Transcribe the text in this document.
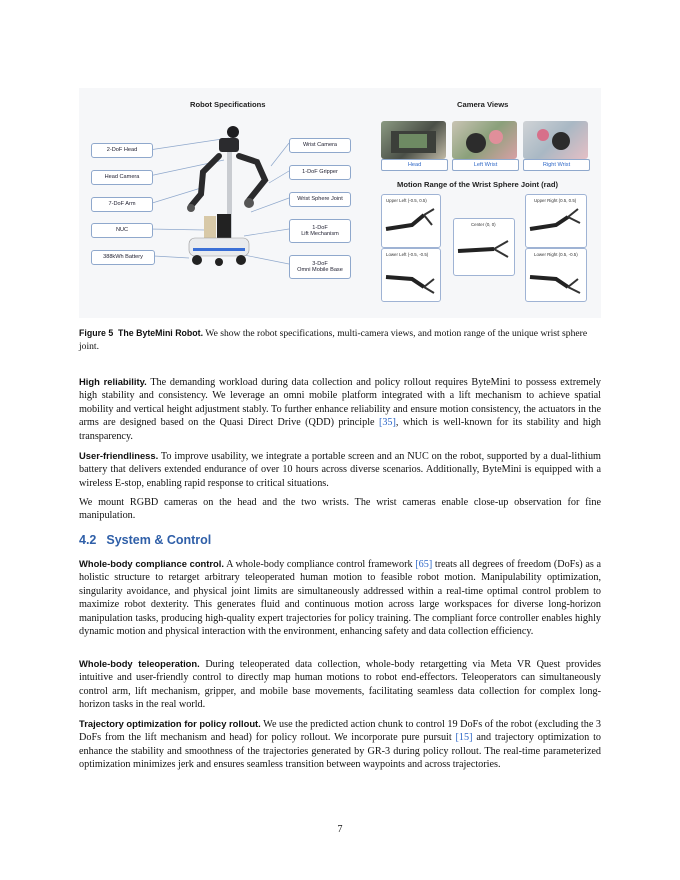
Robot Specifications	Camera Views
Motion Range of the Wrist Sphere Joint (rad)
2-DoF Head
Head Camera
7-DoF Arm
NUC
388kWh Battery
Wrist Camera
1-DoF Gripper
Wrist Sphere Joint
1-DoF
Lift Mechanism
3-DoF
Omni Mobile Base
Head	Left Wrist	Right Wrist
Upper Left (-0.5, 0.5)
Center (0, 0)
Upper Right (0.5, 0.5)
Lower Left (-0.5, -0.5)	Lower Right (0.5, -0.5)
Figure 5 The ByteMini Robot. We show the robot specifications, multi-camera views, and motion range of the unique wrist sphere joint.
High reliability. The demanding workload during data collection and policy rollout requires ByteMini to possess extremely high stability and consistency. We leverage an omni mobile platform integrated with a lift mechanism to achieve spatial mobility and vertical height adjustment stably. To further enhance reliability and ensure motion consistency, the actuators in the arms are designed based on the Quasi Direct Drive (QDD) principle [35], which is well-known for its stability and high transparency.
User-friendliness. To improve usability, we integrate a portable screen and an NUC on the robot, supported by a dual-lithium battery that delivers extended endurance of over 10 hours across diverse scenarios. Additionally, ByteMini is equipped with a wireless E-stop, enabling rapid response to critical situations.
We mount RGBD cameras on the head and the two wrists. The wrist cameras enable close-up observation for fine manipulation.
4.2 System & Control
Whole-body compliance control. A whole-body compliance control framework [65] treats all degrees of freedom (DoFs) as a holistic structure to retarget arbitrary teleoperated human motion to feasible robot motion. Manipulability optimization, singularity avoidance, and physical joint limits are simultaneously addressed within a real-time optimal control problem to maximize robot dexterity. This generates fluid and continuous motion across large workspaces for diverse long-horizon manipulation tasks, producing high-quality expert trajectories for policy training. The compliant force controller enables highly dynamic motion and physical interaction with the environment, enhancing safety and data collection efficiency.
Whole-body teleoperation. During teleoperated data collection, whole-body retargetting via Meta VR Quest provides intuitive and user-friendly control to directly map human motions to robot end-effectors. Teleoperators can simultaneously control arm, lift mechanism, gripper, and mobile base movements, facilitating seamless data collection for complex long-horizon tasks in the real world.
Trajectory optimization for policy rollout. We use the predicted action chunk to control 19 DoFs of the robot (excluding the 3 DoFs from the lift mechanism and head) for policy rollout. We incorporate pure pursuit [15] and trajectory optimization to enhance the stability and smoothness of the trajectories generated by GR-3 during policy rollout. The real-time parameterized optimization minimizes jerk and ensures seamless transition between waypoints and across trajectories.
7
